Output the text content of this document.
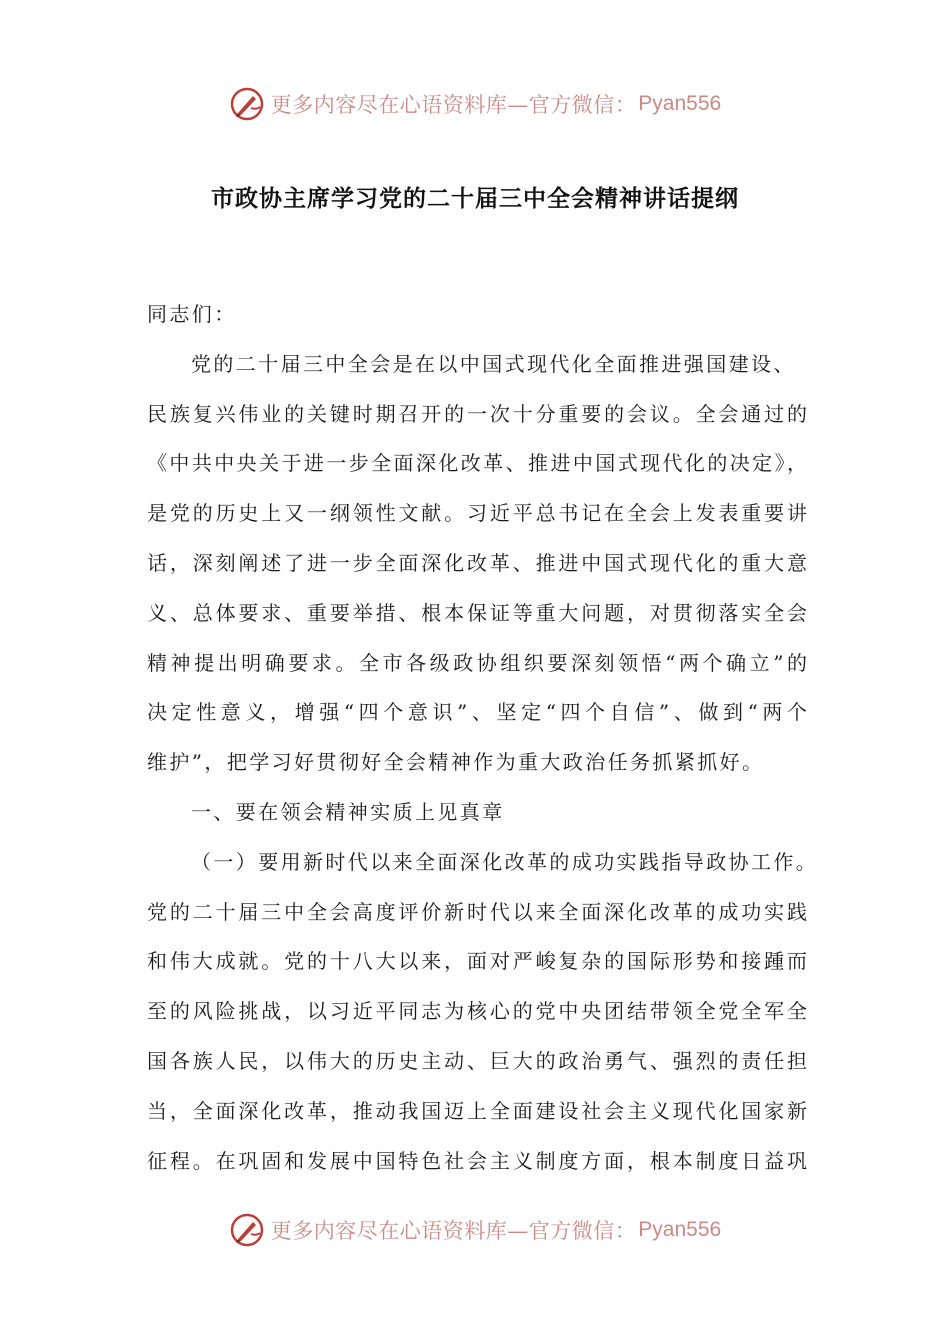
更多内容尽在心语资料库—官方微信： Pyan556
市政协主席学习党的二十届三中全会精神讲话提纲
同志们：
党的二十届三中全会是在以中国式现代化全面推进强国建设、
民族复兴伟业的关键时期召开的一次十分重要的会议。全会通过的
《中共中央关于进一步全面深化改革、推进中国式现代化的决定》，
是党的历史上又一纲领性文献。习近平总书记在全会上发表重要讲
话，深刻阐述了进一步全面深化改革、推进中国式现代化的重大意
义、总体要求、重要举措、根本保证等重大问题，对贯彻落实全会
精神提出明确要求。全市各级政协组织要深刻领悟“两个确立”的
决定性意义，增强“四个意识”、坚定“四个自信”、做到“两个
维护”，把学习好贯彻好全会精神作为重大政治任务抓紧抓好。
一、要在领会精神实质上见真章
（一）要用新时代以来全面深化改革的成功实践指导政协工作。
党的二十届三中全会高度评价新时代以来全面深化改革的成功实践
和伟大成就。党的十八大以来，面对严峻复杂的国际形势和接踵而
至的风险挑战，以习近平同志为核心的党中央团结带领全党全军全
国各族人民，以伟大的历史主动、巨大的政治勇气、强烈的责任担
当，全面深化改革，推动我国迈上全面建设社会主义现代化国家新
征程。在巩固和发展中国特色社会主义制度方面，根本制度日益巩
更多内容尽在心语资料库—官方微信： Pyan556
